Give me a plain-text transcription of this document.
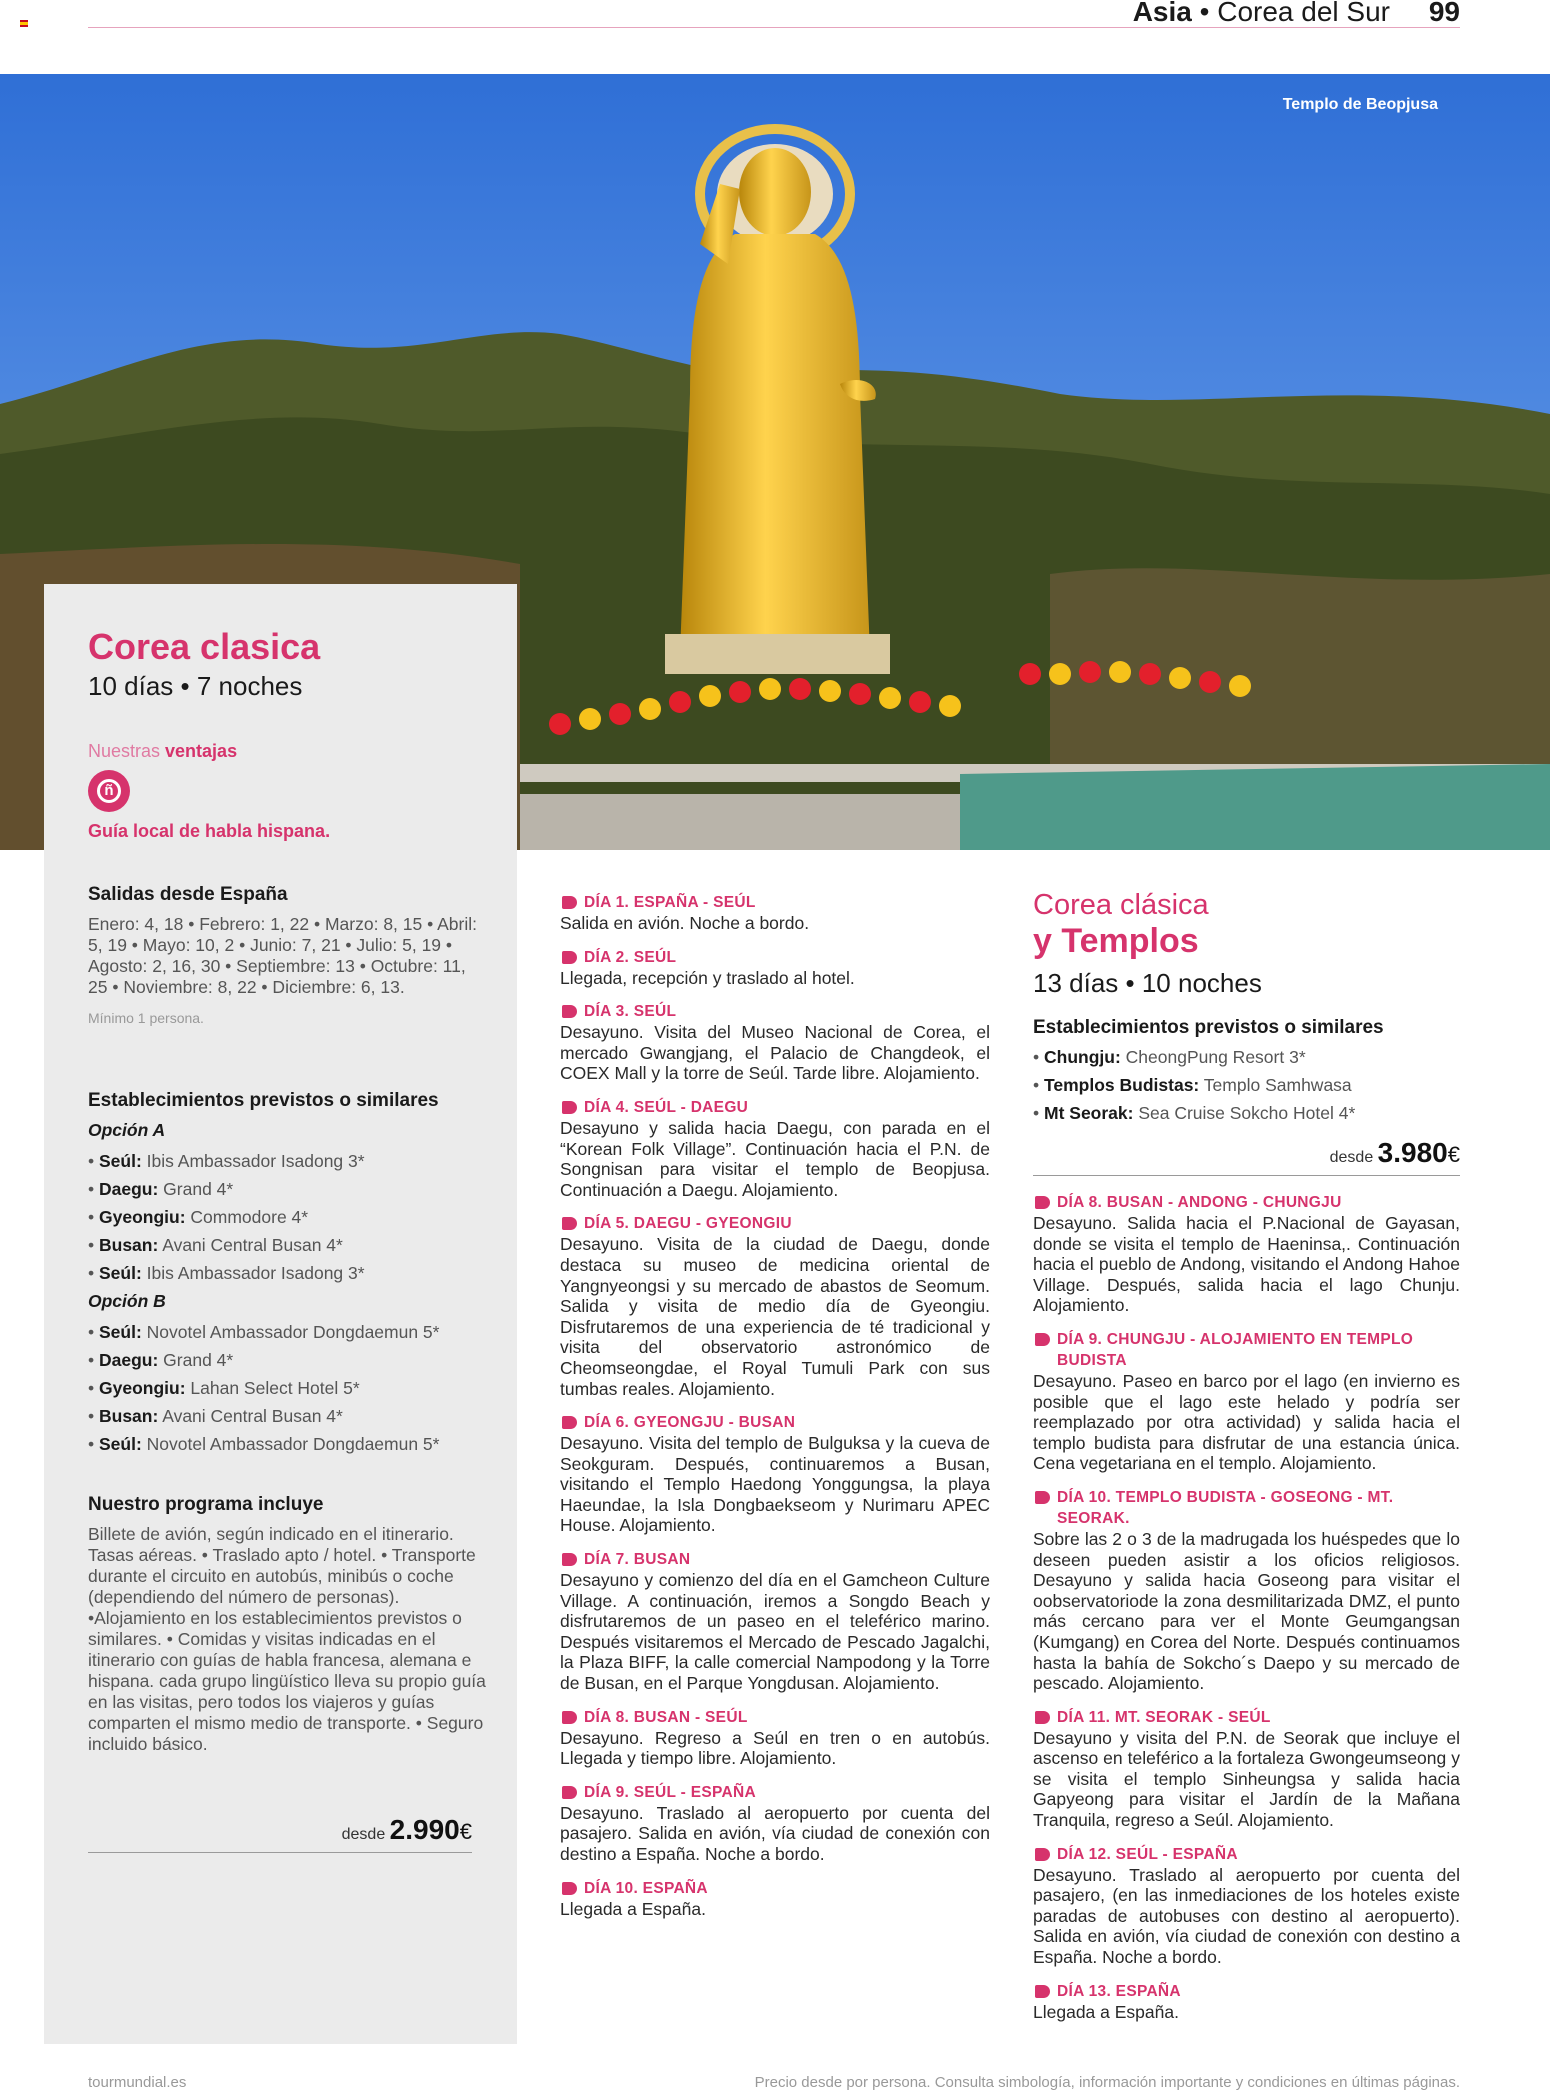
Asia • Corea del Sur 99
Templo de Beopjusa
Corea clasica
10 días • 7 noches
Nuestras ventajas
ñ
Guía local de habla hispana.
Salidas desde España
Enero: 4, 18 • Febrero: 1, 22 • Marzo: 8, 15 • Abril: 5, 19 • Mayo: 10, 2 • Junio: 7, 21 • Julio: 5, 19 • Agosto: 2, 16, 30 • Septiembre: 13 • Octubre: 11, 25 • Noviembre: 8, 22 • Diciembre: 6, 13.
Mínimo 1 persona.
Establecimientos previstos o similares
Opción A
• Seúl: Ibis Ambassador Isadong 3*
• Daegu: Grand 4*
• Gyeongiu: Commodore 4*
• Busan: Avani Central Busan 4*
• Seúl: Ibis Ambassador Isadong 3*
Opción B
• Seúl: Novotel Ambassador Dongdaemun 5*
• Daegu: Grand 4*
• Gyeongiu: Lahan Select Hotel 5*
• Busan: Avani Central Busan 4*
• Seúl: Novotel Ambassador Dongdaemun 5*
Nuestro programa incluye
Billete de avión, según indicado en el itinerario. Tasas aéreas. • Traslado apto / hotel. • Transporte durante el circuito en autobús, minibús o coche (dependiendo del número de personas). •Alojamiento en los establecimientos previstos o similares. • Comidas y visitas indicadas en el itinerario con guías de habla francesa, alemana e hispana. cada grupo lingüístico lleva su propio guía en las visitas, pero todos los viajeros y guías comparten el mismo medio de transporte. • Seguro incluido básico.
desde 2.990€
DÍA 1. ESPAÑA - SEÚL
Salida en avión. Noche a bordo.
DÍA 2. SEÚL
Llegada, recepción y traslado al hotel.
DÍA 3. SEÚL
Desayuno. Visita del Museo Nacional de Corea, el mercado Gwangjang, el Palacio de Changdeok, el COEX Mall y la torre de Seúl. Tarde libre. Alojamiento.
DÍA 4. SEÚL - DAEGU
Desayuno y salida hacia Daegu, con parada en el “Korean Folk Village”. Continuación hacia el P.N. de Songnisan para visitar el templo de Beopjusa. Continuación a Daegu. Alojamiento.
DÍA 5. DAEGU - GYEONGIU
Desayuno. Visita de la ciudad de Daegu, donde destaca su museo de medicina oriental de Yangnyeongsi y su mercado de abastos de Seomum. Salida y visita de medio día de Gyeongiu. Disfrutaremos de una experiencia de té tradicional y visita del observatorio astronómico de Cheomseongdae, el Royal Tumuli Park con sus tumbas reales. Alojamiento.
DÍA 6. GYEONGJU - BUSAN
Desayuno. Visita del templo de Bulguksa y la cueva de Seokguram. Después, continuaremos a Busan, visitando el Templo Haedong Yonggungsa, la playa Haeundae, la Isla Dongbaekseom y Nurimaru APEC House. Alojamiento.
DÍA 7. BUSAN
Desayuno y comienzo del día en el Gamcheon Culture Village. A continuación, iremos a Songdo Beach y disfrutaremos de un paseo en el teleférico marino. Después visitaremos el Mercado de Pescado Jagalchi, la Plaza BIFF, la calle comercial Nampodong y la Torre de Busan, en el Parque Yongdusan. Alojamiento.
DÍA 8. BUSAN - SEÚL
Desayuno. Regreso a Seúl en tren o en autobús. Llegada y tiempo libre. Alojamiento.
DÍA 9. SEÚL - ESPAÑA
Desayuno. Traslado al aeropuerto por cuenta del pasajero. Salida en avión, vía ciudad de conexión con destino a España. Noche a bordo.
DÍA 10. ESPAÑA
Llegada a España.
Corea clásica
y Templos
13 días • 10 noches
Establecimientos previstos o similares
• Chungju: CheongPung Resort 3*
• Templos Budistas: Templo Samhwasa
• Mt Seorak: Sea Cruise Sokcho Hotel 4*
desde 3.980€
DÍA 8. BUSAN - ANDONG - CHUNGJU
Desayuno. Salida hacia el P.Nacional de Gayasan, donde se visita el templo de Haeninsa,. Continuación hacia el pueblo de Andong, visitando el Andong Hahoe Village. Después, salida hacia el lago Chunju. Alojamiento.
DÍA 9. CHUNGJU - ALOJAMIENTO EN TEMPLO BUDISTA
Desayuno. Paseo en barco por el lago (en invierno es posible que el lago este helado y podría ser reemplazado por otra actividad) y salida hacia el templo budista para disfrutar de una estancia única. Cena vegetariana en el templo. Alojamiento.
DÍA 10. TEMPLO BUDISTA - GOSEONG - MT. SEORAK.
Sobre las 2 o 3 de la madrugada los huéspedes que lo deseen pueden asistir a los oficios religiosos. Desayuno y salida hacia Goseong para visitar el oobservatoriode la zona desmilitarizada DMZ, el punto más cercano para ver el Monte Geumgangsan (Kumgang) en Corea del Norte. Después continuamos hasta la bahía de Sokcho´s Daepo y su mercado de pescado. Alojamiento.
DÍA 11. MT. SEORAK - SEÚL
Desayuno y visita del P.N. de Seorak que incluye el ascenso en teleférico a la fortaleza Gwongeumseong y se visita el templo Sinheungsa y salida hacia Gapyeong para visitar el Jardín de la Mañana Tranquila, regreso a Seúl. Alojamiento.
DÍA 12. SEÚL - ESPAÑA
Desayuno. Traslado al aeropuerto por cuenta del pasajero, (en las inmediaciones de los hoteles existe paradas de autobuses con destino al aeropuerto). Salida en avión, vía ciudad de conexión con destino a España. Noche a bordo.
DÍA 13. ESPAÑA
Llegada a España.
tourmundial.es	Precio desde por persona. Consulta simbología, información importante y condiciones en últimas páginas.
